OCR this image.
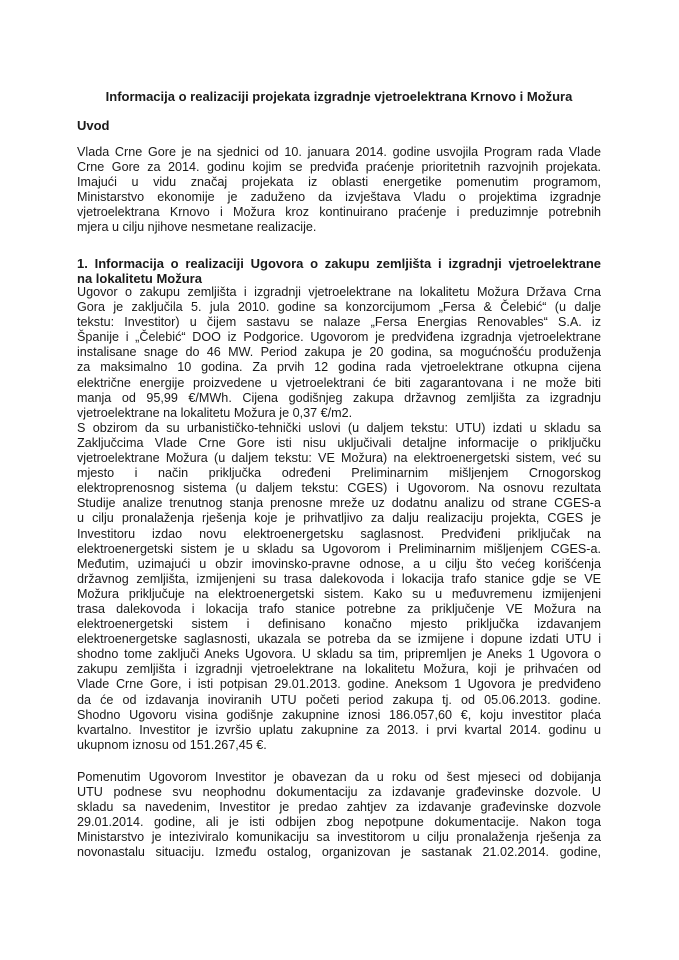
Informacija o realizaciji projekata izgradnje vjetroelektrana Krnovo i Možura
Uvod
Vlada Crne Gore je na sjednici od 10. januara 2014. godine usvojila Program rada Vlade
Crne Gore za 2014. godinu kojim se predviđa praćenje prioritetnih razvojnih projekata.
Imajući u vidu značaj projekata iz oblasti energetike pomenutim programom,
Ministarstvo ekonomije je zaduženo da izvještava Vladu o projektima izgradnje
vjetroelektrana Krnovo i Možura kroz kontinuirano praćenje i preduzimnje potrebnih
mjera u cilju njihove nesmetane realizacije.
1. Informacija o realizaciji Ugovora o zakupu zemljišta i izgradnji vjetroelektrane
na lokalitetu Možura
Ugovor o zakupu zemljišta i izgradnji vjetroelektrane na lokalitetu Možura Država Crna
Gora je zaključila 5. jula 2010. godine sa konzorcijumom „Fersa & Čelebić“ (u dalje
tekstu: Investitor) u čijem sastavu se nalaze „Fersa Energias Renovables“ S.A. iz
Španije i „Čelebić“ DOO iz Podgorice. Ugovorom je predviđena izgradnja vjetroelektrane
instalisane snage do 46 MW. Period zakupa je 20 godina, sa mogućnošću produženja
za maksimalno 10 godina. Za prvih 12 godina rada vjetroelektrane otkupna cijena
električne energije proizvedene u vjetroelektrani će biti zagarantovana i ne može biti
manja od 95,99 €/MWh. Cijena godišnjeg zakupa državnog zemljišta za izgradnju
vjetroelektrane na lokalitetu Možura je 0,37 €/m2.
S obzirom da su urbanističko-tehnički uslovi (u daljem tekstu: UTU) izdati u skladu sa
Zaključcima Vlade Crne Gore isti nisu uključivali detaljne informacije o priključku
vjetroelektrane Možura (u daljem tekstu: VE Možura) na elektroenergetski sistem, već su
mjesto i način priključka određeni Preliminarnim mišljenjem Crnogorskog
elektroprenosnog sistema (u daljem tekstu: CGES) i Ugovorom. Na osnovu rezultata
Studije analize trenutnog stanja prenosne mreže uz dodatnu analizu od strane CGES-a
u cilju pronalaženja rješenja koje je prihvatljivo za dalju realizaciju projekta, CGES je
Investitoru izdao novu elektroenergetsku saglasnost. Predviđeni priključak na
elektroenergetski sistem je u skladu sa Ugovorom i Preliminarnim mišljenjem CGES-a.
Međutim, uzimajući u obzir imovinsko-pravne odnose, a u cilju što većeg korišćenja
državnog zemljišta, izmijenjeni su trasa dalekovoda i lokacija trafo stanice gdje se VE
Možura priključuje na elektroenergetski sistem. Kako su u međuvremenu izmijenjeni
trasa dalekovoda i lokacija trafo stanice potrebne za priključenje VE Možura na
elektroenergetski sistem i definisano konačno mjesto priključka izdavanjem
elektroenergetske saglasnosti, ukazala se potreba da se izmijene i dopune izdati UTU i
shodno tome zaključi Aneks Ugovora. U skladu sa tim, pripremljen je Aneks 1 Ugovora o
zakupu zemljišta i izgradnji vjetroelektrane na lokalitetu Možura, koji je prihvaćen od
Vlade Crne Gore, i isti potpisan 29.01.2013. godine. Aneksom 1 Ugovora je predviđeno
da će od izdavanja inoviranih UTU početi period zakupa tj. od 05.06.2013. godine.
Shodno Ugovoru visina godišnje zakupnine iznosi 186.057,60 €, koju investitor plaća
kvartalno. Investitor je izvršio uplatu zakupnine za 2013. i prvi kvartal 2014. godinu u
ukupnom iznosu od 151.267,45 €.
Pomenutim Ugovorom Investitor je obavezan da u roku od šest mjeseci od dobijanja
UTU podnese svu neophodnu dokumentaciju za izdavanje građevinske dozvole. U
skladu sa navedenim, Investitor je predao zahtjev za izdavanje građevinske dozvole
29.01.2014. godine, ali je isti odbijen zbog nepotpune dokumentacije. Nakon toga
Ministarstvo je inteziviralo komunikaciju sa investitorom u cilju pronalaženja rješenja za
novonastalu situaciju. Između ostalog, organizovan je sastanak 21.02.2014. godine,
